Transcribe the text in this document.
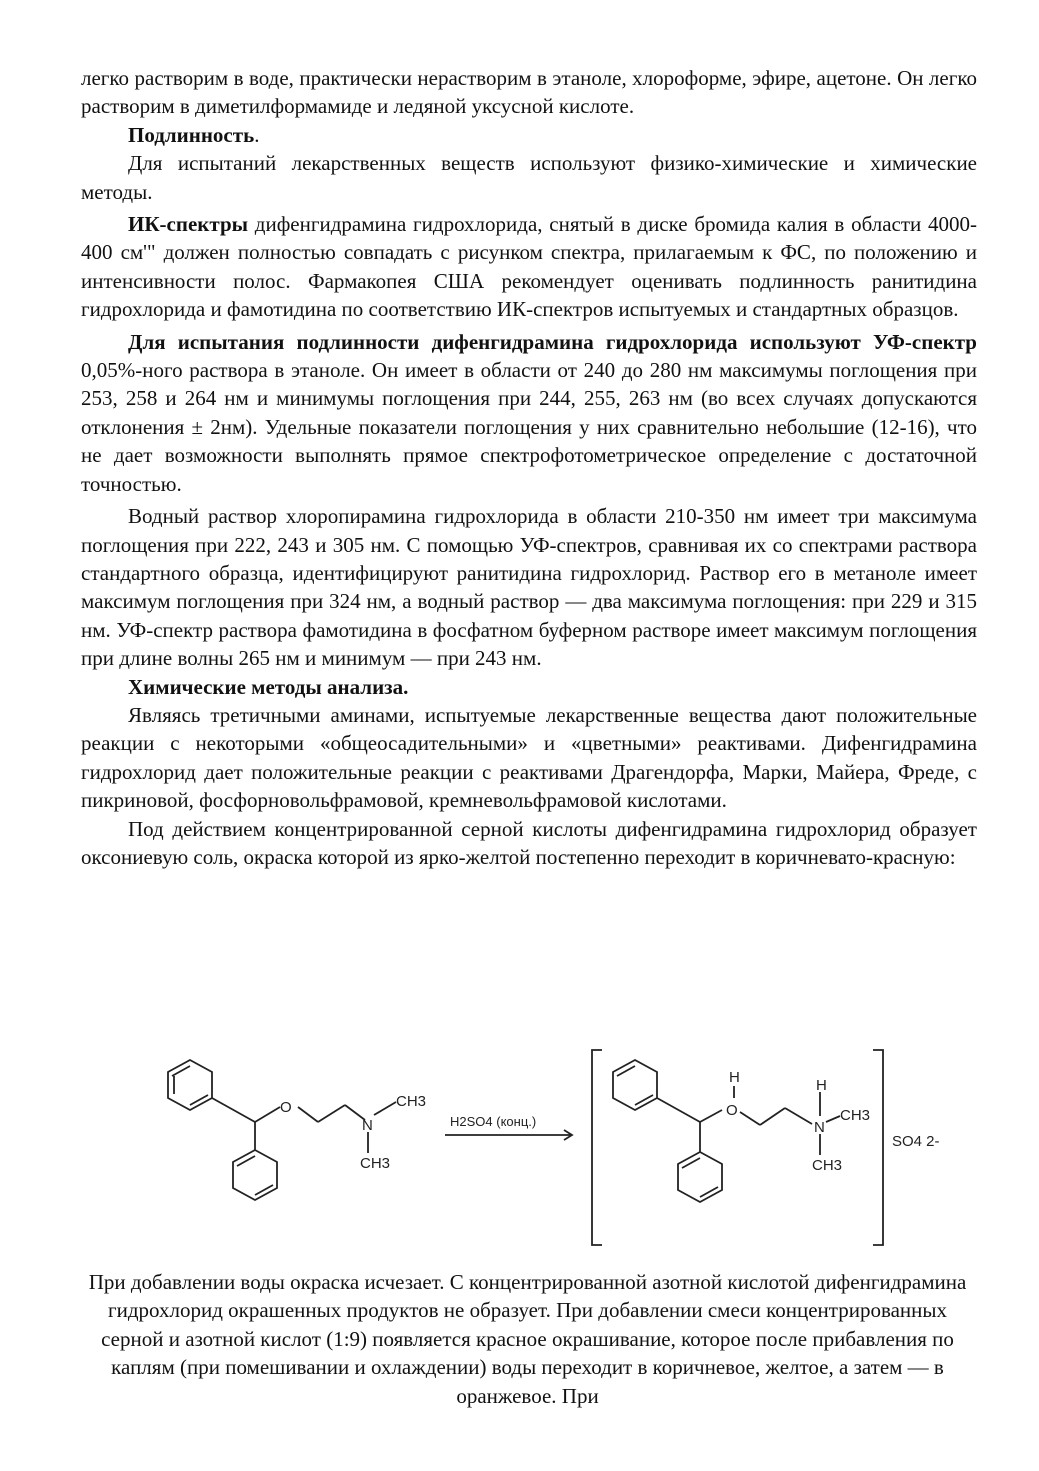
легко растворим в воде, практически нерастворим в этаноле, хлороформе, эфире, ацетоне. Он легко растворим в диметилформамиде и ледяной уксусной кислоте.

Подлинность.

Для испытаний лекарственных веществ используют физико-химические и химические методы.

ИК-спектры дифенгидрамина гидрохлорида, снятый в диске бромида калия в области 4000-400 см'" должен полностью совпадать с рисунком спектра, прилагаемым к ФС, по положению и интенсивности полос. Фармакопея США рекомендует оценивать подлинность ранитидина гидрохлорида и фамотидина по соответствию ИК-спектров испытуемых и стандартных образцов.

Для испытания подлинности дифенгидрамина гидрохлорида используют УФ-спектр 0,05%-ного раствора в этаноле. Он имеет в области от 240 до 280 нм максимумы поглощения при 253, 258 и 264 нм и минимумы поглощения при 244, 255, 263 нм (во всех случаях допускаются отклонения ± 2нм). Удельные показатели поглощения у них сравнительно небольшие (12-16), что не дает возможности выполнять прямое спектрофотометрическое определение с достаточной точностью.

Водный раствор хлоропирамина гидрохлорида в области 210-350 нм имеет три максимума поглощения при 222, 243 и 305 нм. С помощью УФ-спектров, сравнивая их со спектрами раствора стандартного образца, идентифицируют ранитидина гидрохлорид. Раствор его в метаноле имеет максимум поглощения при 324 нм, а водный раствор — два максимума поглощения: при 229 и 315 нм. УФ-спектр раствора фамотидина в фосфатном буферном растворе имеет максимум поглощения при длине волны 265 нм и минимум — при 243 нм.

Химические методы анализа.

Являясь третичными аминами, испытуемые лекарственные вещества дают положительные реакции с некоторыми «общеосадительными» и «цветными» реактивами. Дифенгидрамина гидрохлорид дает положительные реакции с реактивами Драгендорфа, Марки, Майера, Фреде, с пикриновой, фосфорновольфрамовой, кремневольфрамовой кислотами.

Под действием концентрированной серной кислоты дифенгидрамина гидрохлорид образует оксониевую соль, окраска которой из ярко-желтой постепенно переходит в коричневато-красную:

O
N
CH3
CH3
H2SO4 (конц.)
H
O
H
N
CH3
CH3
SO4 2-

При добавлении воды окраска исчезает. С концентрированной азотной кислотой дифенгидрамина гидрохлорид окрашенных продуктов не образует. При добавлении смеси концентрированных серной и азотной кислот (1:9) появляется красное окрашивание, которое после прибавления по каплям (при помешивании и охлаждении) воды переходит в коричневое, желтое, а затем — в оранжевое. При
